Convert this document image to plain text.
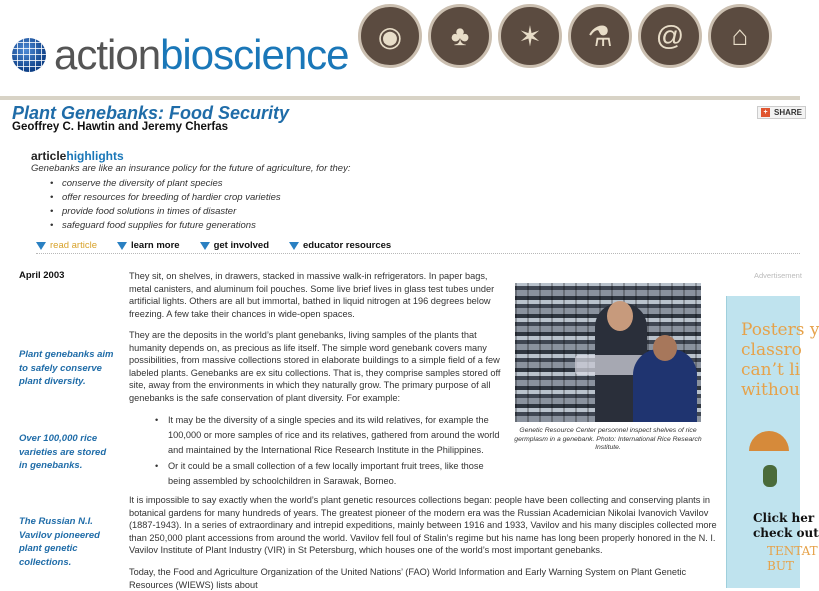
action bioscience	◉	♣	✶	⚗	@	⌂
Plant Genebanks: Food Security
Geoffrey C. Hawtin and Jeremy Cherfas
+ SHARE
articlehighlights
Genebanks are like an insurance policy for the future of agriculture, for they:
• conserve the diversity of plant species
• offer resources for breeding of hardier crop varieties
• provide food solutions in times of disaster
• safeguard food supplies for future generations
read article	learn more	get involved	educator resources
April 2003
Plant genebanks aim to safely conserve plant diversity.
Over 100,000 rice varieties are stored in genebanks.
The Russian N.I. Vavilov pioneered plant genetic collections.
They sit, on shelves, in drawers, stacked in massive walk-in refrigerators. In paper bags,
metal canisters, and aluminum foil pouches. Some live brief lives in glass test tubes under
artificial lights. Others are all but immortal, bathed in liquid nitrogen at 196 degrees below
freezing. A few take their chances in wide-open spaces.
They are the deposits in the world’s plant genebanks, living samples of the plants that
humanity depends on, as precious as life itself. The simple word genebank covers many
possibilities, from massive collections stored in elaborate buildings to a simple field of a few
labeled plants. Genebanks are ex situ collections. That is, they comprise samples stored off
site, away from the environments in which they naturally grow. The primary purpose of all
genebanks is the safe conservation of plant diversity. For example:
• It may be the diversity of a single species and its wild relatives, for example the 100,000 or more samples of rice and its relatives, gathered from around the world and maintained by the International Rice Research Institute in the Philippines.
• Or it could be a small collection of a few locally important fruit trees, like those being assembled by schoolchildren in Sarawak, Borneo.
It is impossible to say exactly when the world’s plant genetic resources collections began: people have been collecting and conserving plants in
botanical gardens for many hundreds of years. The greatest pioneer of the modern era was the Russian Academician Nikolai Ivanovich Vavilov
(1887-1943). In a series of extraordinary and intrepid expeditions, mainly between 1916 and 1933, Vavilov and his many disciples collected more
than 250,000 plant accessions from around the world. Vavilov fell foul of Stalin’s regime but his name has long been properly honored in the N. I.
Vavilov Institute of Plant Industry (VIR) in St Petersburg, which houses one of the world’s most important genebanks.
Today, the Food and Agriculture Organization of the United Nations’ (FAO) World Information and Early Warning System on Plant Genetic
Resources (WIEWS) lists about
Genetic Resource Center personnel inspect shelves of rice germplasm in a genebank. Photo: International Rice Research Institute.
Advertisement
Posters y
classro
can’t li
withou
Click her
check out
TENTAT
BUT
